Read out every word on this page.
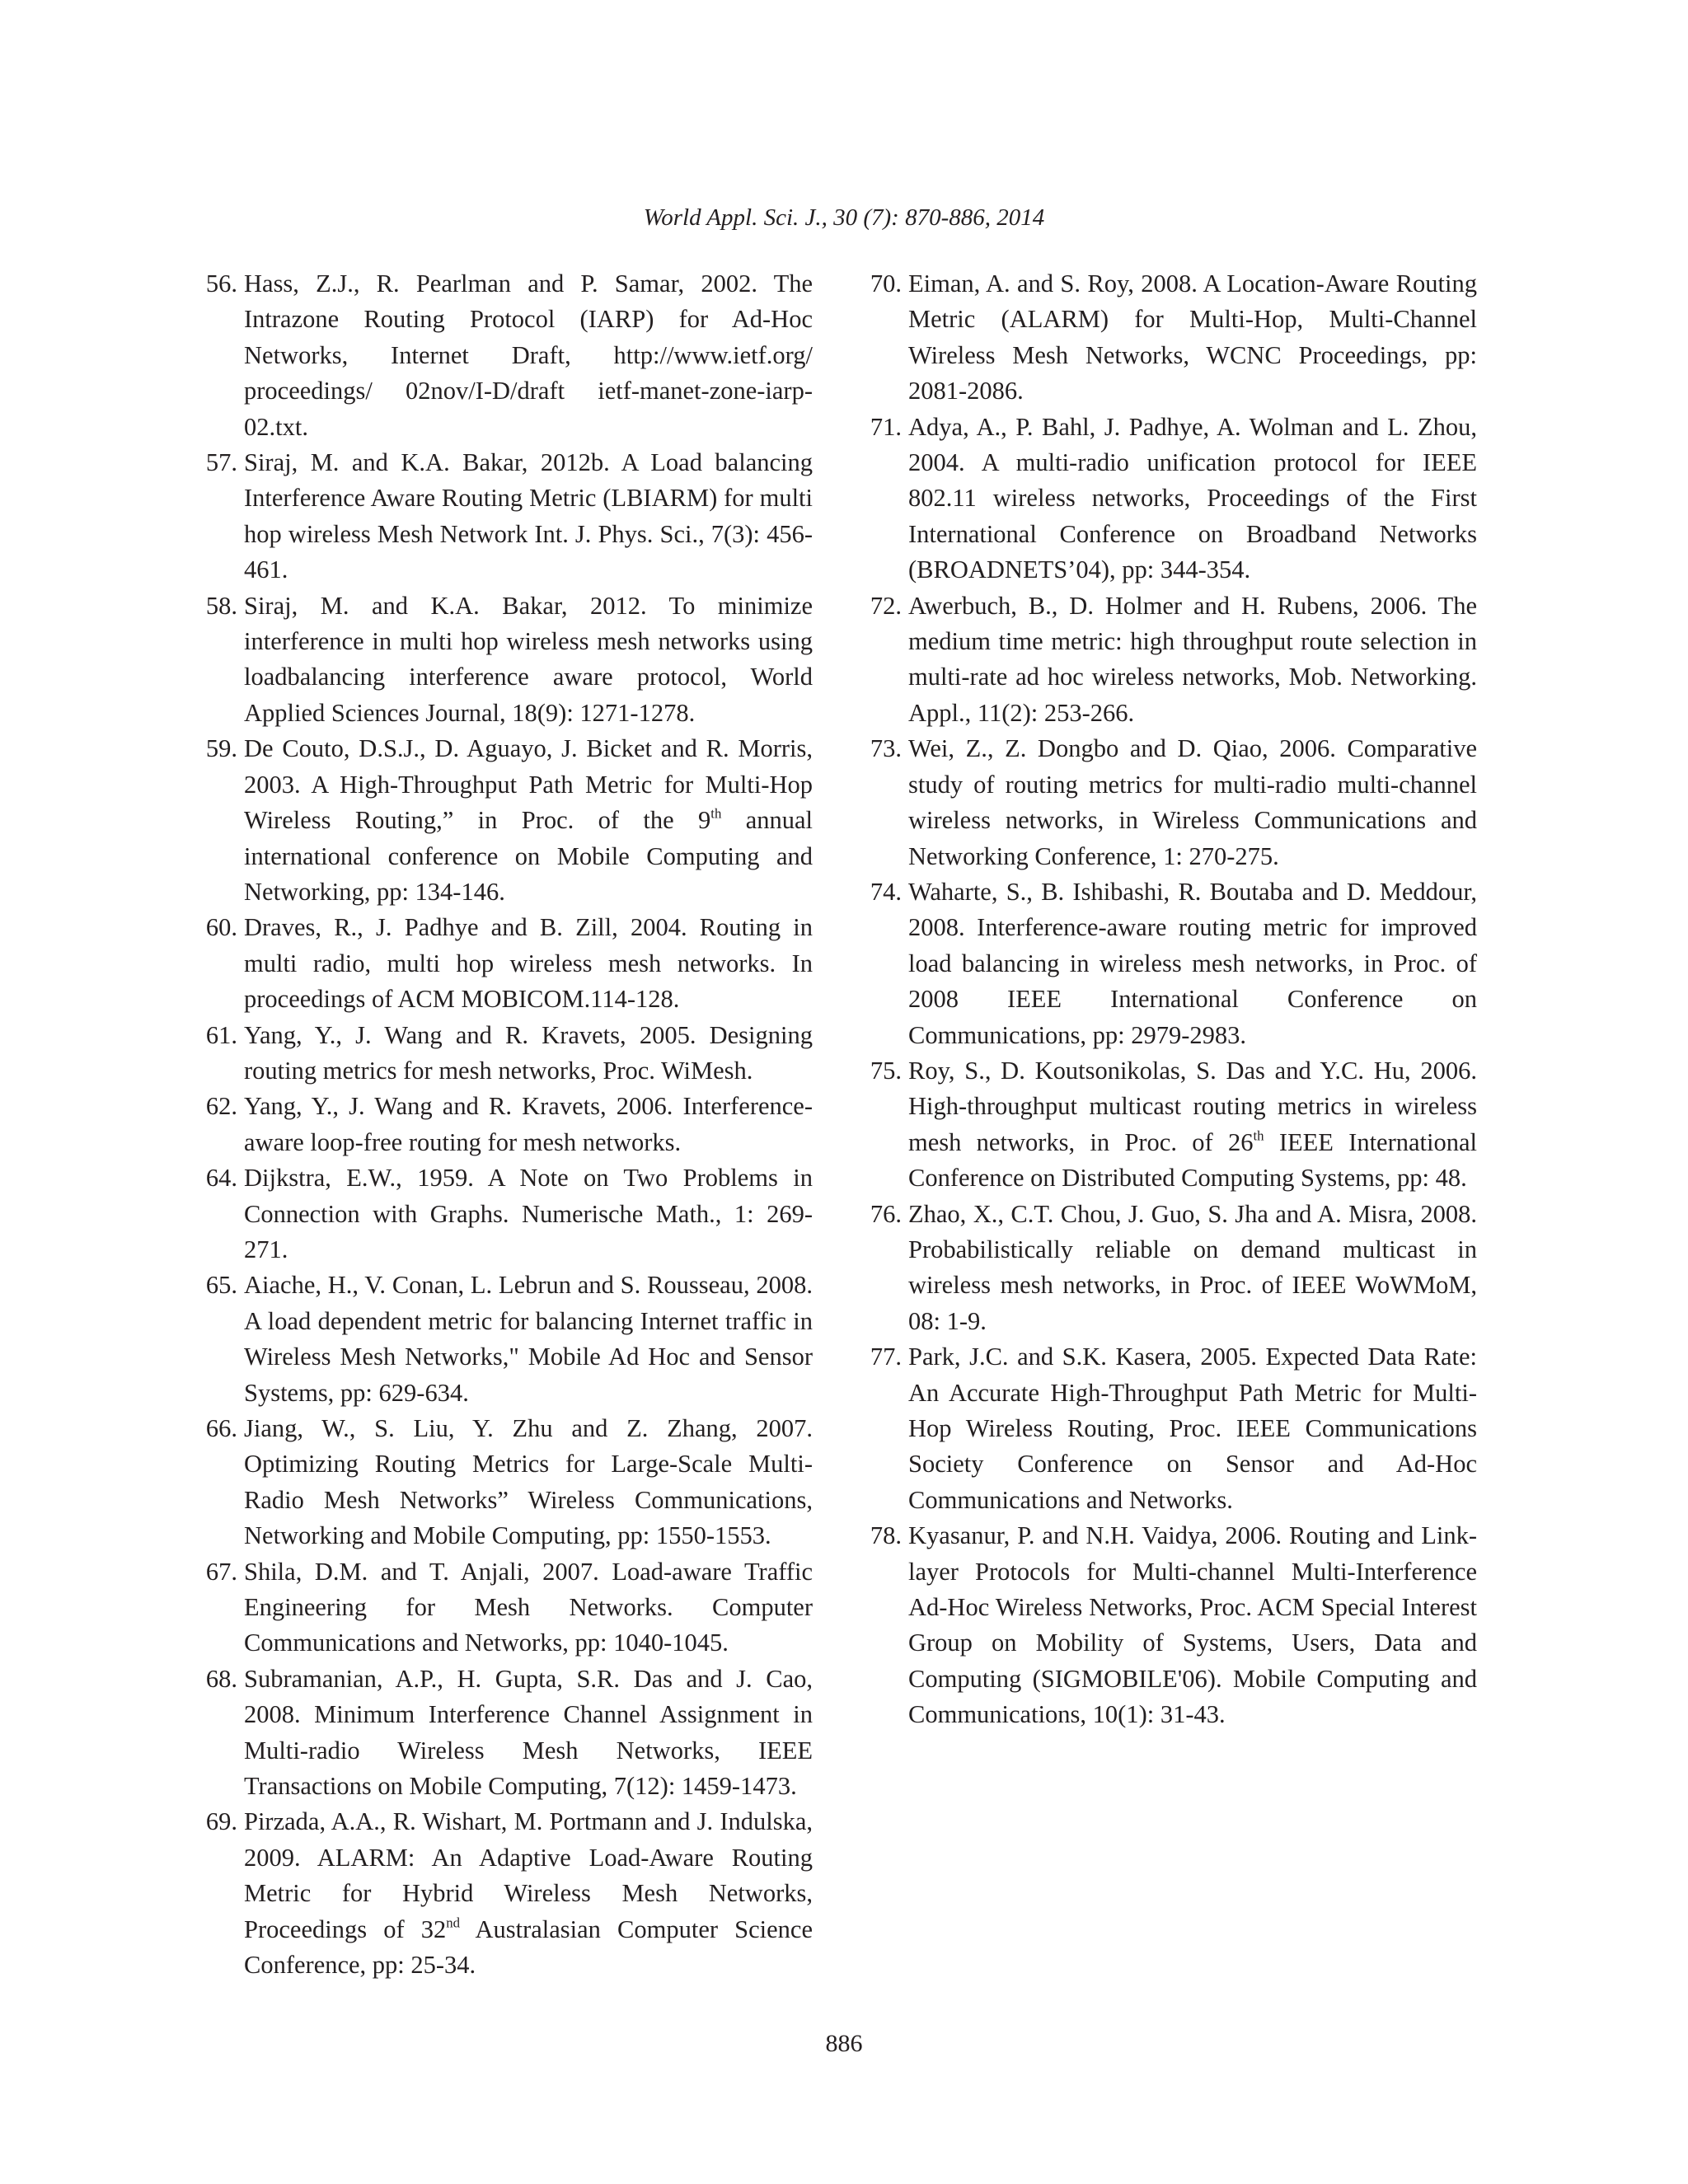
World Appl. Sci. J., 30 (7): 870-886, 2014
56. Hass, Z.J., R. Pearlman and P. Samar, 2002. The Intrazone Routing Protocol (IARP) for Ad-Hoc Networks, Internet Draft, http://www.ietf.org/ proceedings/ 02nov/I-D/draft ietf-manet-zone-iarp-02.txt.
57. Siraj, M. and K.A. Bakar, 2012b. A Load balancing Interference Aware Routing Metric (LBIARM) for multi hop wireless Mesh Network Int. J. Phys. Sci., 7(3): 456-461.
58. Siraj, M. and K.A. Bakar, 2012. To minimize interference in multi hop wireless mesh networks using loadbalancing interference aware protocol, World Applied Sciences Journal, 18(9): 1271-1278.
59. De Couto, D.S.J., D. Aguayo, J. Bicket and R. Morris, 2003. A High-Throughput Path Metric for Multi-Hop Wireless Routing,” in Proc. of the 9th annual international conference on Mobile Computing and Networking, pp: 134-146.
60. Draves, R., J. Padhye and B. Zill, 2004. Routing in multi radio, multi hop wireless mesh networks. In proceedings of ACM MOBICOM.114-128.
61. Yang, Y., J. Wang and R. Kravets, 2005. Designing routing metrics for mesh networks, Proc. WiMesh.
62. Yang, Y., J. Wang and R. Kravets, 2006. Interference-aware loop-free routing for mesh networks.
64. Dijkstra, E.W., 1959. A Note on Two Problems in Connection with Graphs. Numerische Math., 1: 269-271.
65. Aiache, H., V. Conan, L. Lebrun and S. Rousseau, 2008. A load dependent metric for balancing Internet traffic in Wireless Mesh Networks," Mobile Ad Hoc and Sensor Systems, pp: 629-634.
66. Jiang, W., S. Liu, Y. Zhu and Z. Zhang, 2007. Optimizing Routing Metrics for Large-Scale Multi-Radio Mesh Networks” Wireless Communications, Networking and Mobile Computing, pp: 1550-1553.
67. Shila, D.M. and T. Anjali, 2007. Load-aware Traffic Engineering for Mesh Networks. Computer Communications and Networks, pp: 1040-1045.
68. Subramanian, A.P., H. Gupta, S.R. Das and J. Cao, 2008. Minimum Interference Channel Assignment in Multi-radio Wireless Mesh Networks, IEEE Transactions on Mobile Computing, 7(12): 1459-1473.
69. Pirzada, A.A., R. Wishart, M. Portmann and J. Indulska, 2009. ALARM: An Adaptive Load-Aware Routing Metric for Hybrid Wireless Mesh Networks, Proceedings of 32nd Australasian Computer Science Conference, pp: 25-34.
70. Eiman, A. and S. Roy, 2008. A Location-Aware Routing Metric (ALARM) for Multi-Hop, Multi-Channel Wireless Mesh Networks, WCNC Proceedings, pp: 2081-2086.
71. Adya, A., P. Bahl, J. Padhye, A. Wolman and L. Zhou, 2004. A multi-radio unification protocol for IEEE 802.11 wireless networks, Proceedings of the First International Conference on Broadband Networks (BROADNETS’04), pp: 344-354.
72. Awerbuch, B., D. Holmer and H. Rubens, 2006. The medium time metric: high throughput route selection in multi-rate ad hoc wireless networks, Mob. Networking. Appl., 11(2): 253-266.
73. Wei, Z., Z. Dongbo and D. Qiao, 2006. Comparative study of routing metrics for multi-radio multi-channel wireless networks, in Wireless Communications and Networking Conference, 1: 270-275.
74. Waharte, S., B. Ishibashi, R. Boutaba and D. Meddour, 2008. Interference-aware routing metric for improved load balancing in wireless mesh networks, in Proc. of 2008 IEEE International Conference on Communications, pp: 2979-2983.
75. Roy, S., D. Koutsonikolas, S. Das and Y.C. Hu, 2006. High-throughput multicast routing metrics in wireless mesh networks, in Proc. of 26th IEEE International Conference on Distributed Computing Systems, pp: 48.
76. Zhao, X., C.T. Chou, J. Guo, S. Jha and A. Misra, 2008. Probabilistically reliable on demand multicast in wireless mesh networks, in Proc. of IEEE WoWMoM, 08: 1-9.
77. Park, J.C. and S.K. Kasera, 2005. Expected Data Rate: An Accurate High-Throughput Path Metric for Multi-Hop Wireless Routing, Proc. IEEE Communications Society Conference on Sensor and Ad-Hoc Communications and Networks.
78. Kyasanur, P. and N.H. Vaidya, 2006. Routing and Link-layer Protocols for Multi-channel Multi-Interference Ad-Hoc Wireless Networks, Proc. ACM Special Interest Group on Mobility of Systems, Users, Data and Computing (SIGMOBILE'06). Mobile Computing and Communications, 10(1): 31-43.
886
